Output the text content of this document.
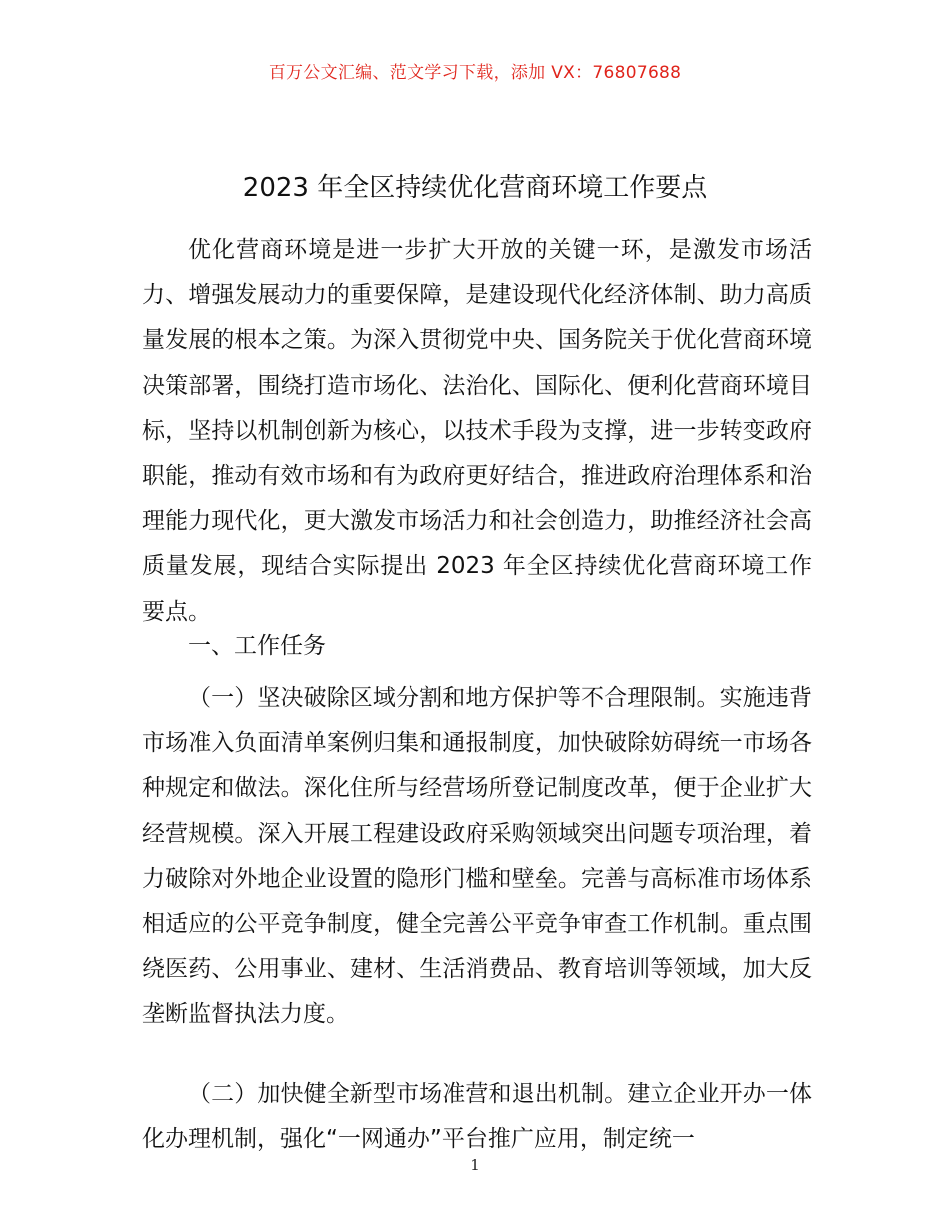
百万公文汇编、范文学习下载，添加 VX：76807688
2023 年全区持续优化营商环境工作要点

优化营商环境是进一步扩大开放的关键一环，是激发市场活力、增强发展动力的重要保障，是建设现代化经济体制、助力高质量发展的根本之策。为深入贯彻党中央、国务院关于优化营商环境决策部署，围绕打造市场化、法治化、国际化、便利化营商环境目标，坚持以机制创新为核心，以技术手段为支撑，进一步转变政府职能，推动有效市场和有为政府更好结合，推进政府治理体系和治理能力现代化，更大激发市场活力和社会创造力，助推经济社会高质量发展，现结合实际提出 2023 年全区持续优化营商环境工作要点。

一、工作任务

（一）坚决破除区域分割和地方保护等不合理限制。实施违背市场准入负面清单案例归集和通报制度，加快破除妨碍统一市场各种规定和做法。深化住所与经营场所登记制度改革，便于企业扩大经营规模。深入开展工程建设政府采购领域突出问题专项治理，着力破除对外地企业设置的隐形门槛和壁垒。完善与高标准市场体系相适应的公平竞争制度，健全完善公平竞争审查工作机制。重点围绕医药、公用事业、建材、生活消费品、教育培训等领域，加大反垄断监督执法力度。

（二）加快健全新型市场准营和退出机制。建立企业开办一体化办理机制，强化“一网通办”平台推广应用，制定统一

1
